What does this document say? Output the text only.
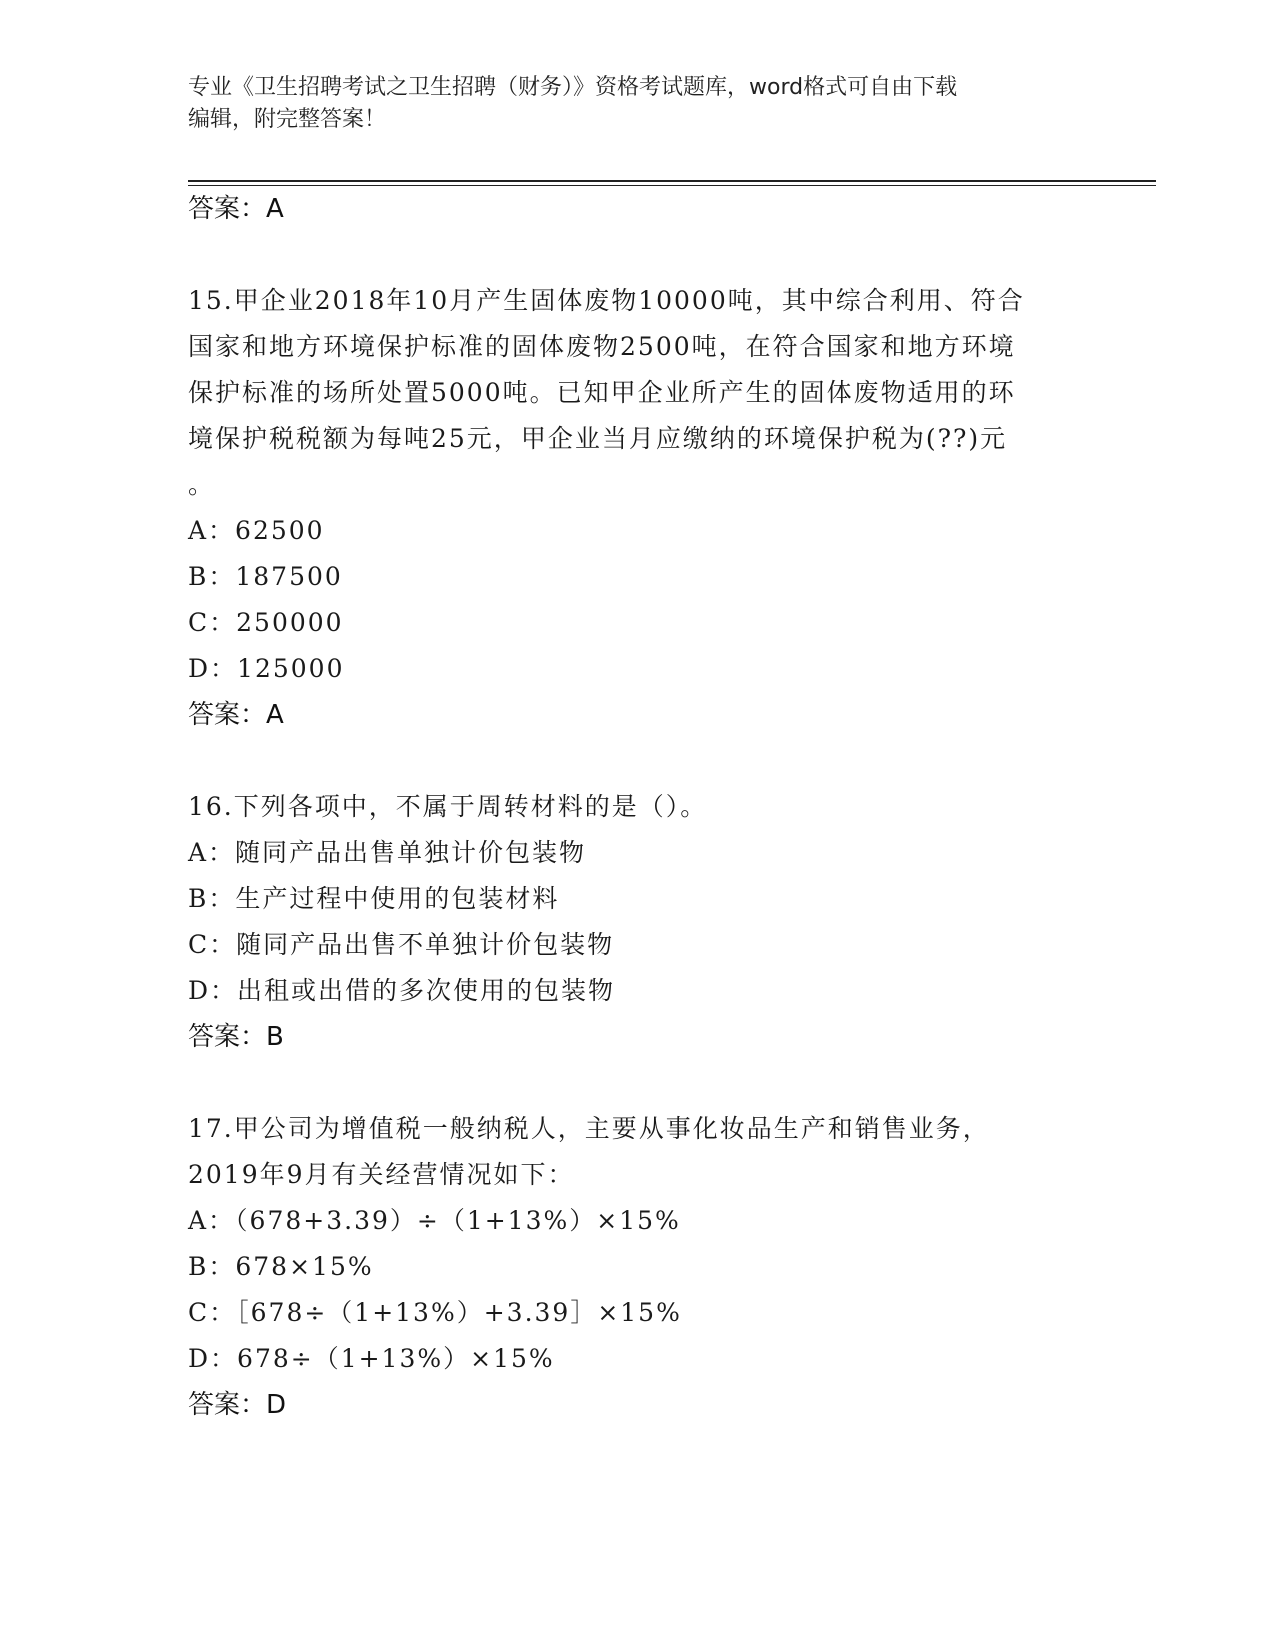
专业《卫生招聘考试之卫生招聘（财务）》资格考试题库，word格式可自由下载
编辑，附完整答案！
答案：A
15.甲企业2018年10月产生固体废物10000吨，其中综合利用、符合
国家和地方环境保护标准的固体废物2500吨，在符合国家和地方环境
保护标准的场所处置5000吨。已知甲企业所产生的固体废物适用的环
境保护税税额为每吨25元，甲企业当月应缴纳的环境保护税为(??)元
。
A：62500
B：187500
C：250000
D：125000
答案：A
16.下列各项中，不属于周转材料的是（）。
A：随同产品出售单独计价包装物
B：生产过程中使用的包装材料
C：随同产品出售不单独计价包装物
D：出租或出借的多次使用的包装物
答案：B
17.甲公司为增值税一般纳税人，主要从事化妆品生产和销售业务，
2019年9月有关经营情况如下：
A：（678+3.39）÷（1+13%）×15%
B：678×15%
C：［678÷（1+13%）+3.39］×15%
D：678÷（1+13%）×15%
答案：D
